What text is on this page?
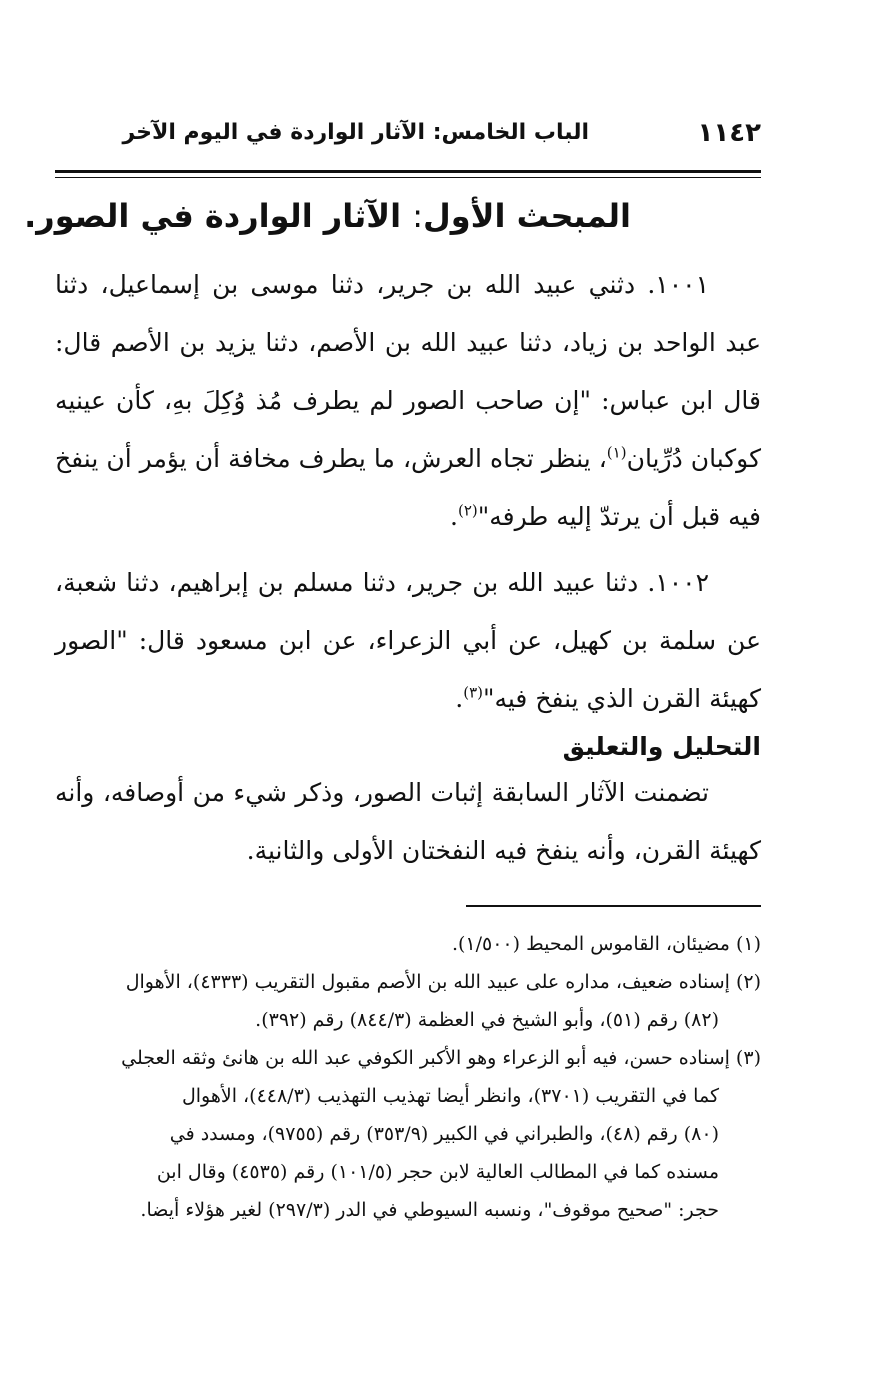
١١٤٢
الباب الخامس: الآثار الواردة في اليوم الآخر
المبحث الأول: الآثار الواردة في الصور.

١٠٠١. دثني عبيد الله بن جرير، دثنا موسى بن إسماعيل، دثنا عبد الواحد بن زياد، دثنا عبيد الله بن الأصم، دثنا يزيد بن الأصم قال: قال ابن عباس: "إن صاحب الصور لم يطرف مُذ وُكِلَ بهِ، كأن عينيه كوكبان دُرِّيان$^{(١)}$، ينظر تجاه العرش، ما يطرف مخافة أن يؤمر أن ينفخ فيه قبل أن يرتدّ إليه طرفه"$^{(٢)}$.

١٠٠٢. دثنا عبيد الله بن جرير، دثنا مسلم بن إبراهيم، دثنا شعبة، عن سلمة بن كهيل، عن أبي الزعراء، عن ابن مسعود قال: "الصور كهيئة القرن الذي ينفخ فيه"$^{(٣)}$.

التحليل والتعليق

تضمنت الآثار السابقة إثبات الصور، وذكر شيء من أوصافه، وأنه كهيئة القرن، وأنه ينفخ فيه النفختان الأولى والثانية.

(١) مضيئان، القاموس المحيط (١/٥٠٠).

(٢) إسناده ضعيف، مداره على عبيد الله بن الأصم مقبول التقريب (٤٣٣٣)، الأهوال

(٨٢) رقم (٥١)، وأبو الشيخ في العظمة (٨٤٤/٣) رقم (٣٩٢).

(٣) إسناده حسن، فيه أبو الزعراء وهو الأكبر الكوفي عبد الله بن هانئ وثقه العجلي

كما في التقريب (٣٧٠١)، وانظر أيضا تهذيب التهذيب (٤٤٨/٣)، الأهوال

(٨٠) رقم (٤٨)، والطبراني في الكبير (٣٥٣/٩) رقم (٩٧٥٥)، ومسدد في

مسنده كما في المطالب العالية لابن حجر (١٠١/٥) رقم (٤٥٣٥) وقال ابن

حجر: "صحيح موقوف"، ونسبه السيوطي في الدر (٢٩٧/٣) لغير هؤلاء أيضا.
